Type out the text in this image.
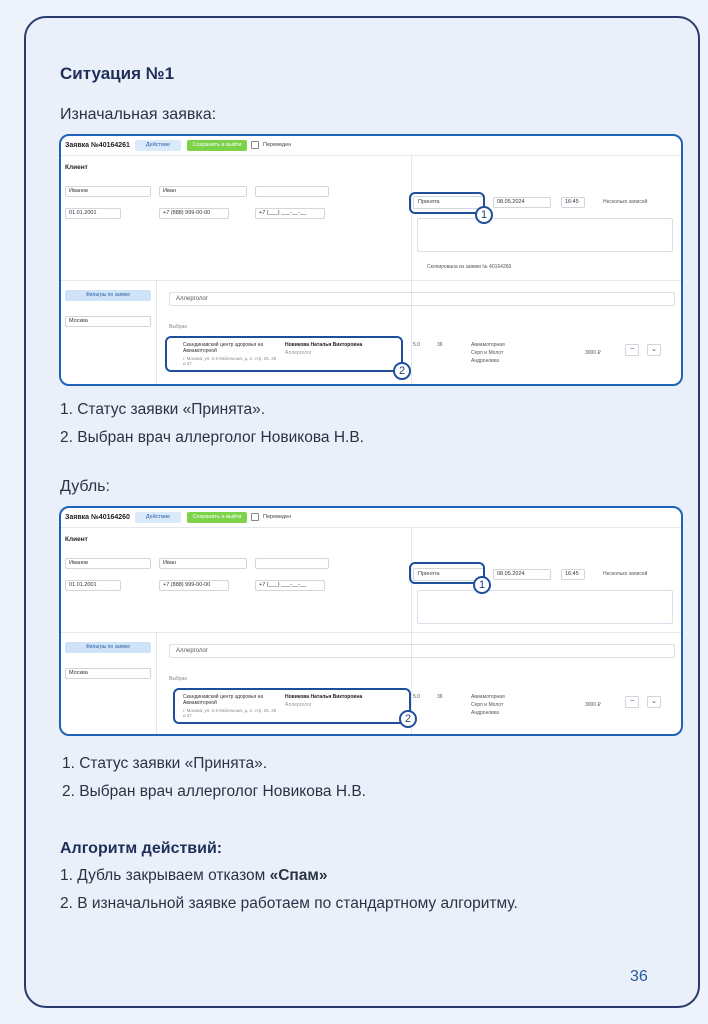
Ситуация №1
Изначальная заявка:
Заявка №40164261	Действие	Сохранить и выйти	Переведен
Клиент
Иванов	Иван
01.01.2001	+7 (888) 999-00-00	+7 (___) ___-__-__
Принята	08.05.2024	16:45	Несколько записей
Скопирована из заявки № 40164260
Фильтры по заявке
Москва
Аллерголог
Выбран
Скандинавский центр здоровья на Авиамоторной
г. Москва, ул. 2-я Кабельная, д. 2, стр. 25, 26 и 37
Новикова Наталья Викторовна
Аллерголог
5.0	36	Авиамоторная
Серп и Молот
Андроновка
3000 ₽	−	⌄
1
2
1. Статус заявки «Принята».
2. Выбран врач аллерголог Новикова Н.В.
Дубль:
Заявка №40164260	Действие	Сохранить и выйти	Переведен
Клиент
Иванов	Иван
01.01.2001	+7 (888) 999-00-00	+7 (___) ___-__-__
Принята	08.05.2024	16:45	Несколько записей
Фильтры по заявке
Москва
Аллерголог
Выбран
Скандинавский центр здоровья на Авиамоторной
г. Москва, ул. 2-я Кабельная, д. 2, стр. 25, 26 и 37
Новикова Наталья Викторовна
Аллерголог
5.0	36	Авиамоторная
Серп и Молот
Андроновка
3000 ₽	−	⌄
1
2
1. Статус заявки «Принята».
2. Выбран врач аллерголог Новикова Н.В.
Алгоритм действий:
1. Дубль закрываем отказом «Спам»
2. В изначальной заявке работаем по стандартному алгоритму.
36
